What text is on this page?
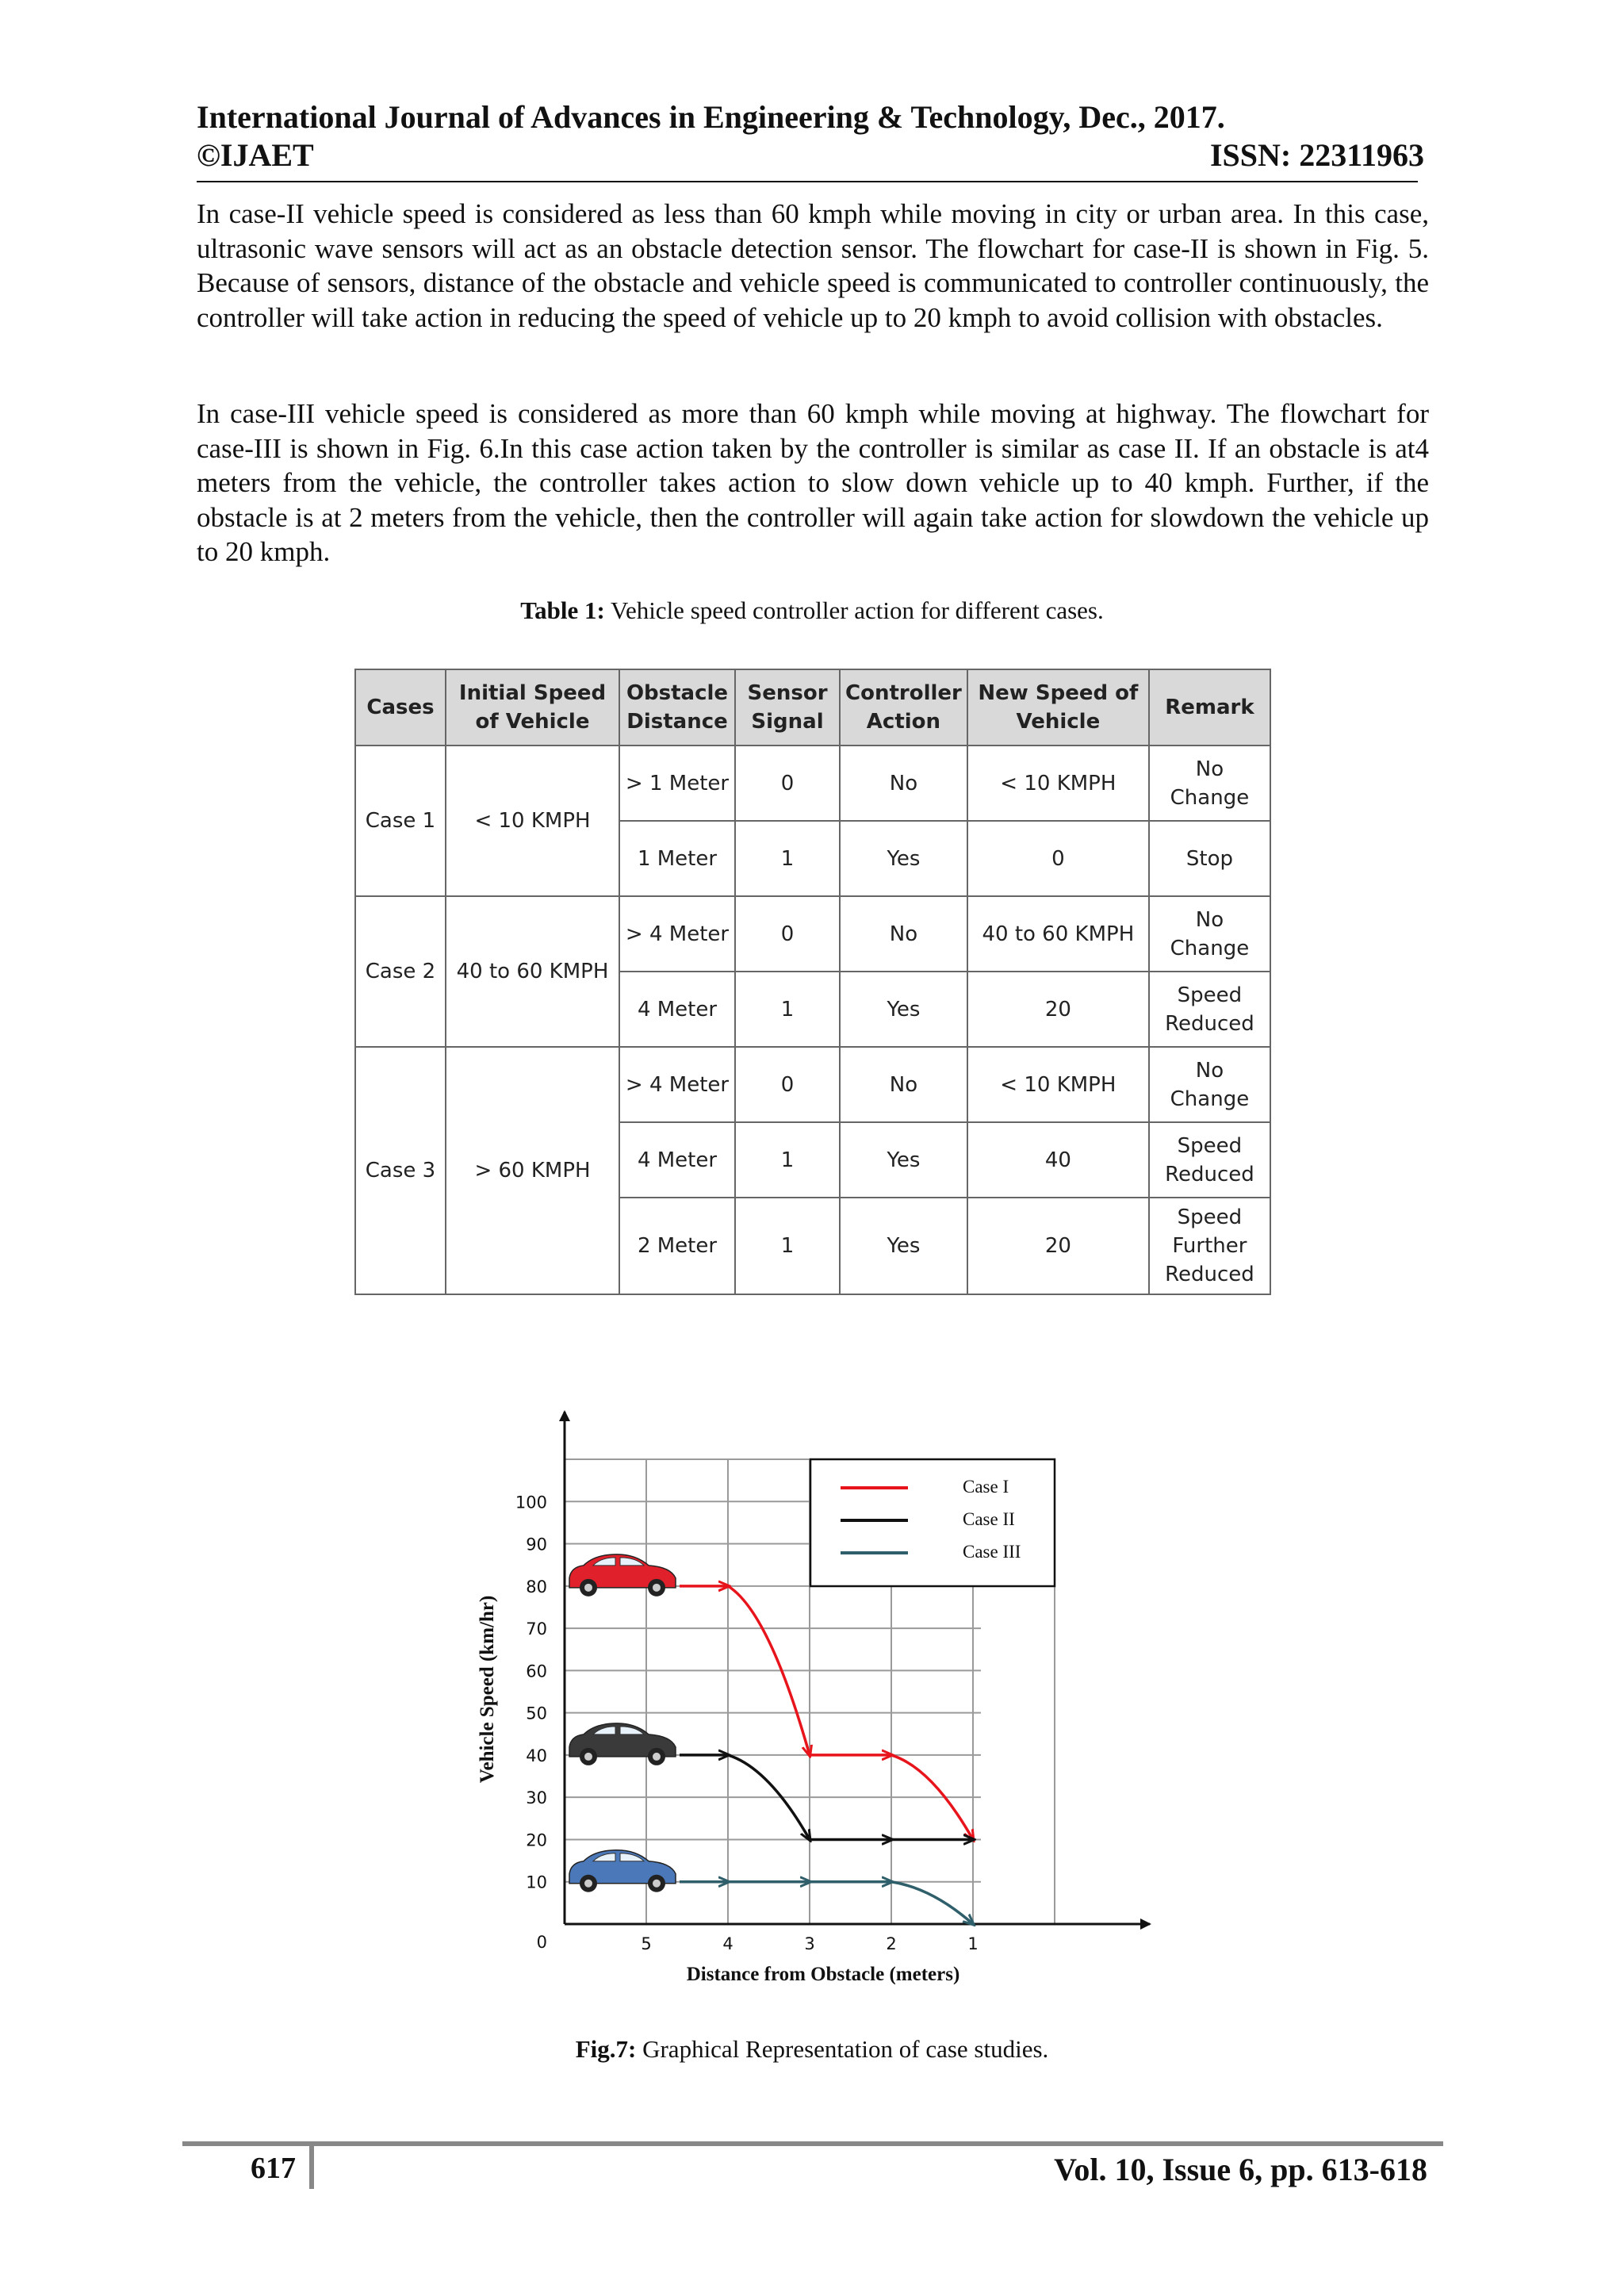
International Journal of Advances in Engineering & Technology, Dec., 2017.
©IJAET	ISSN: 22311963

In case-II vehicle speed is considered as less than 60 kmph while moving in city or urban area. In this case, ultrasonic wave sensors will act as an obstacle detection sensor. The flowchart for case-II is shown in Fig. 5. Because of sensors, distance of the obstacle and vehicle speed is communicated to controller continuously, the controller will take action in reducing the speed of vehicle up to 20 kmph to avoid collision with obstacles.

In case-III vehicle speed is considered as more than 60 kmph while moving at highway. The flowchart for case-III is shown in Fig. 6.In this case action taken by the controller is similar as case II. If an obstacle is at4 meters from the vehicle, the controller takes action to slow down vehicle up to 40 kmph. Further, if the obstacle is at 2 meters from the vehicle, then the controller will again take action for slowdown the vehicle up to 20 kmph.

Table 1: Vehicle speed controller action for different cases.
Cases	Initial Speed of Vehicle	Obstacle Distance	Sensor Signal	Controller Action	New Speed of Vehicle	Remark
Case 1	< 10 KMPH	> 1 Meter	0	No	< 10 KMPH	No Change
		1 Meter	1	Yes	0	Stop
Case 2	40 to 60 KMPH	> 4 Meter	0	No	40 to 60 KMPH	No Change
		4 Meter	1	Yes	20	Speed Reduced
Case 3	> 60 KMPH	> 4 Meter	0	No	< 10 KMPH	No Change
		4 Meter	1	Yes	40	Speed Reduced
		2 Meter	1	Yes	20	Speed Further Reduced
0
10
20
30
40
50
60
70
80
90
100
5	4	3	2	1
Case I
Case II
Case III
Distance from Obstacle (meters)
Vehicle Speed (km/hr)
Fig.7: Graphical Representation of case studies.
617	Vol. 10, Issue 6, pp. 613-618
